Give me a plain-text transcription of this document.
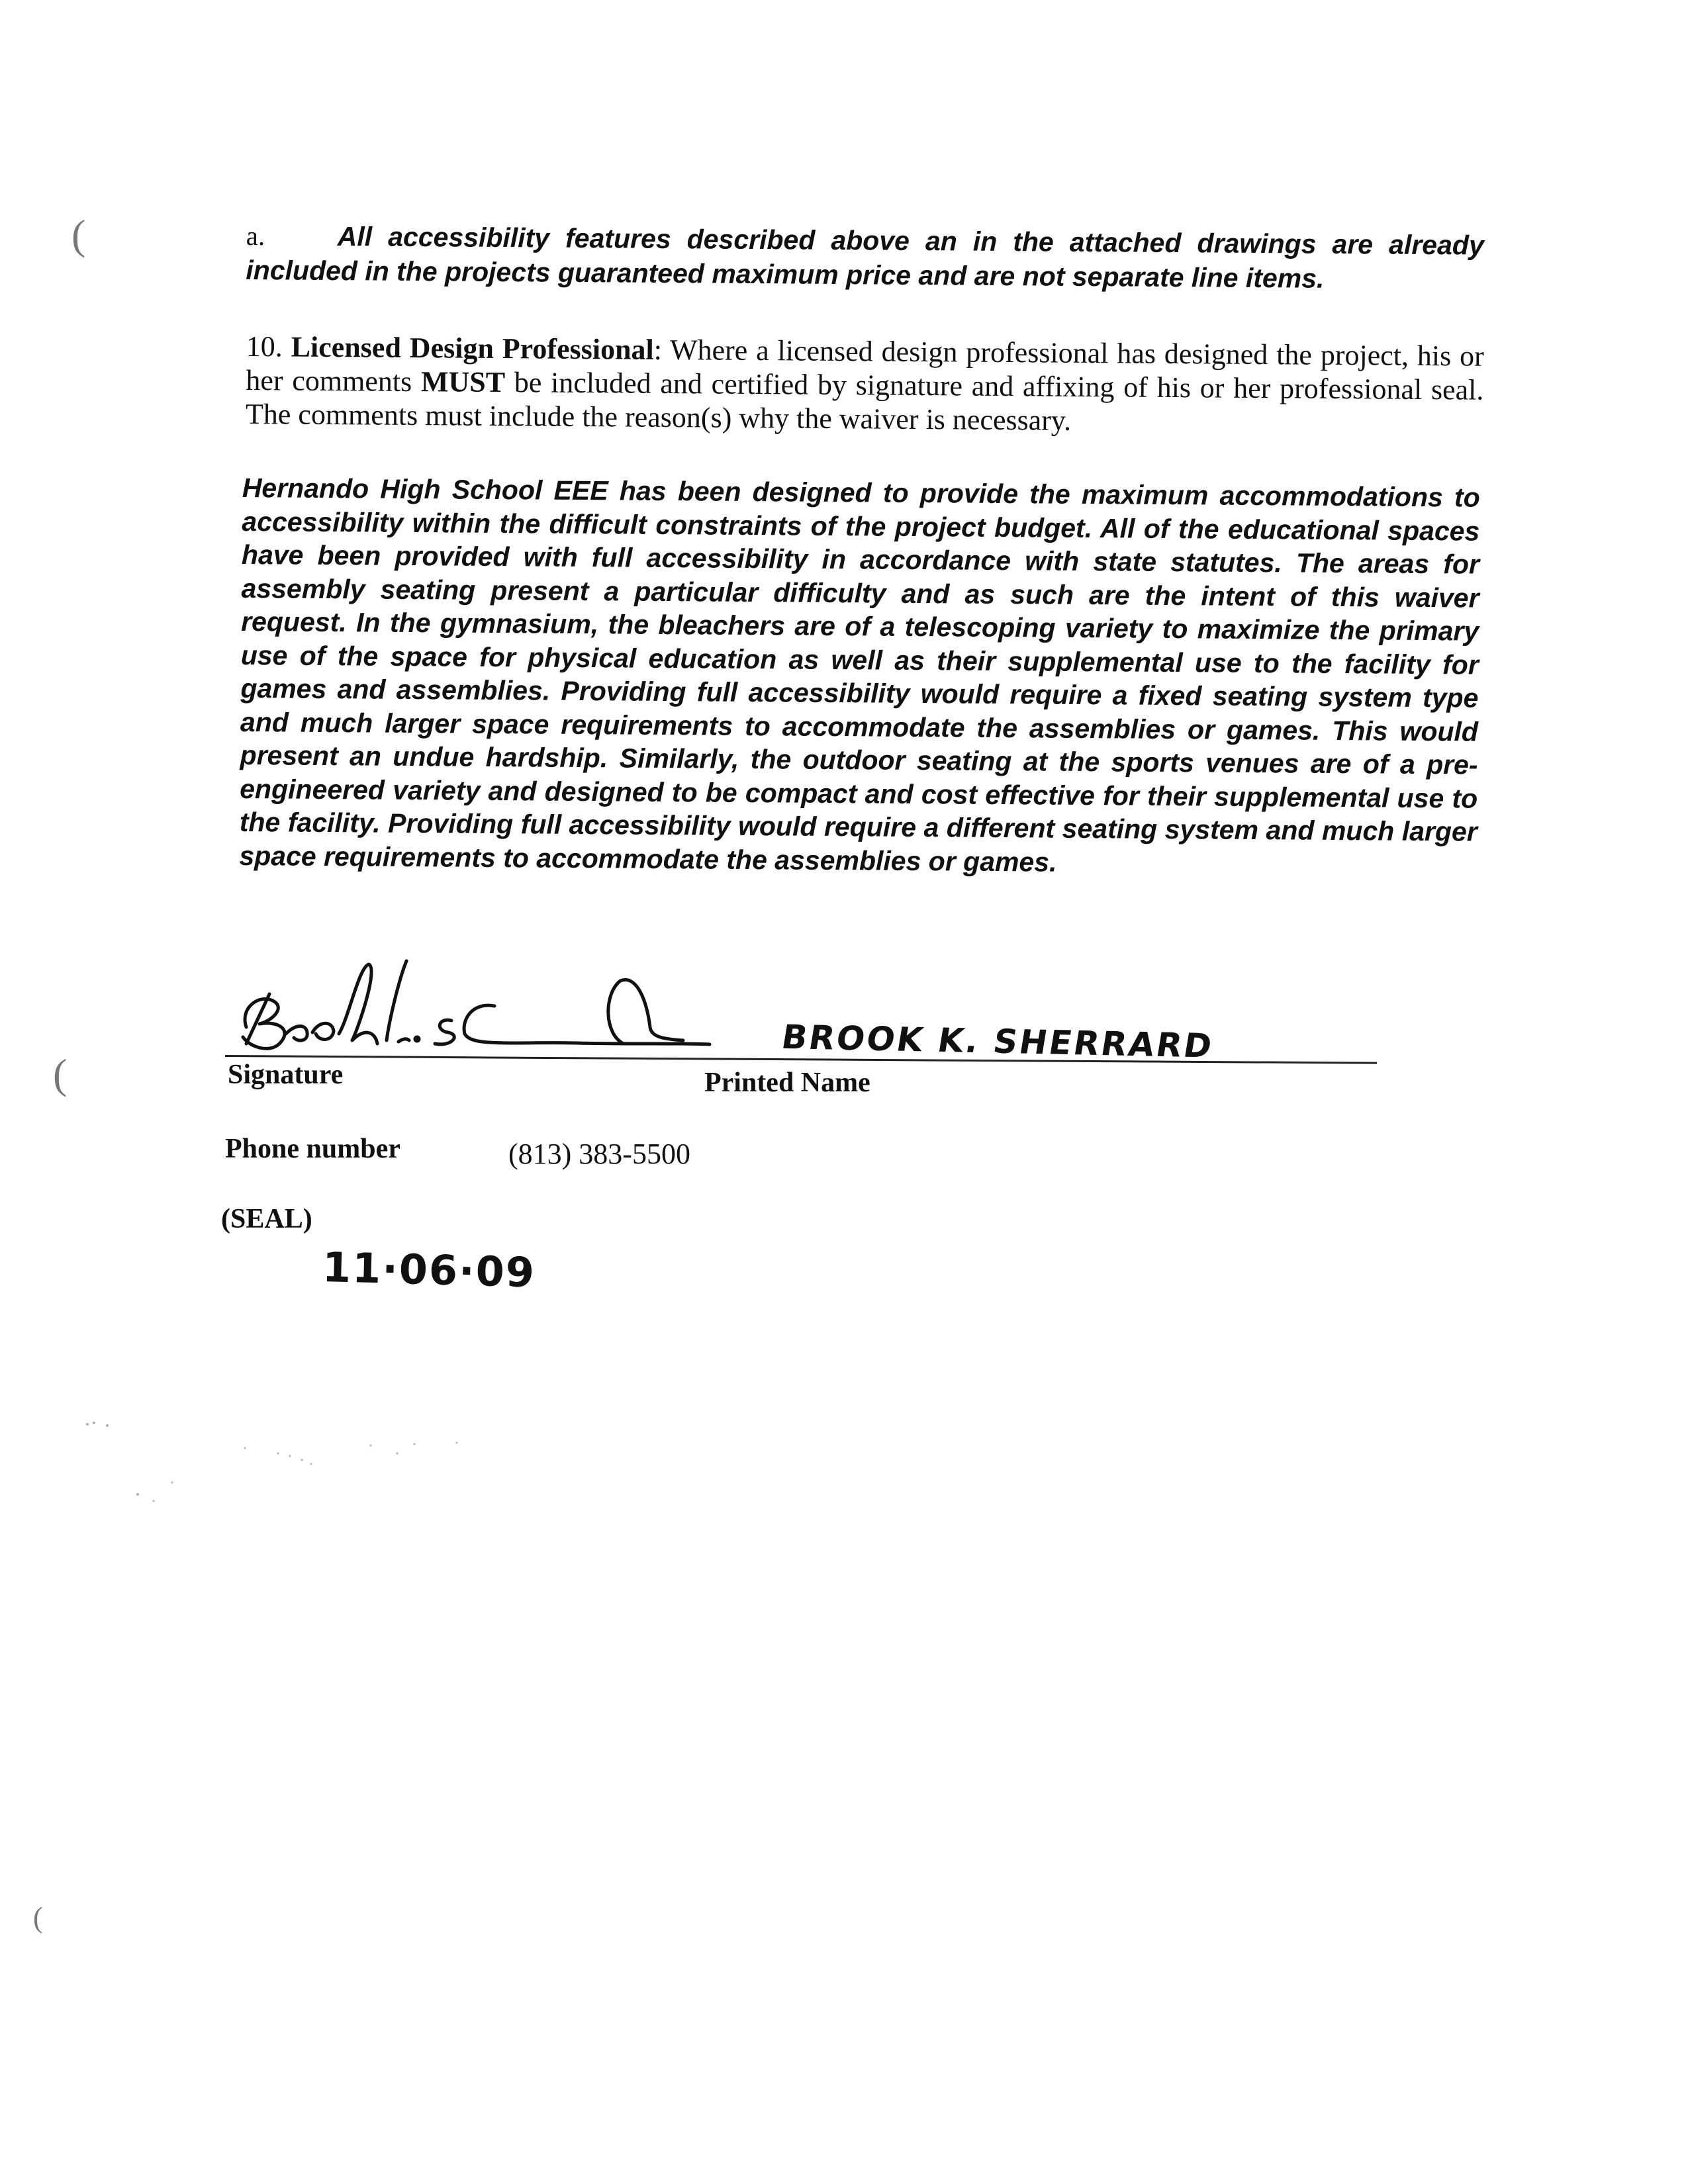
(
(
(
a.	All accessibility features described above an in the attached drawings are already included in the projects guaranteed maximum price and are not separate line items.
10. Licensed Design Professional: Where a licensed design professional has designed the project, his or her comments MUST be included and certified by signature and affixing of his or her professional seal. The comments must include the reason(s) why the waiver is necessary.
Hernando High School EEE has been designed to provide the maximum accommodations to accessibility within the difficult constraints of the project budget. All of the educational spaces have been provided with full accessibility in accordance with state statutes. The areas for assembly seating present a particular difficulty and as such are the intent of this waiver request. In the gymnasium, the bleachers are of a telescoping variety to maximize the primary use of the space for physical education as well as their supplemental use to the facility for games and assemblies. Providing full accessibility would require a fixed seating system type and much larger space requirements to accommodate the assemblies or games. This would present an undue hardship. Similarly, the outdoor seating at the sports venues are of a pre-engineered variety and designed to be compact and cost effective for their supplemental use to the facility. Providing full accessibility would require a different seating system and much larger space requirements to accommodate the assemblies or games.
BROOK K. SHERRARD
Signature	Printed Name
Phone number	(813) 383-5500
(SEAL)
11·06·09
